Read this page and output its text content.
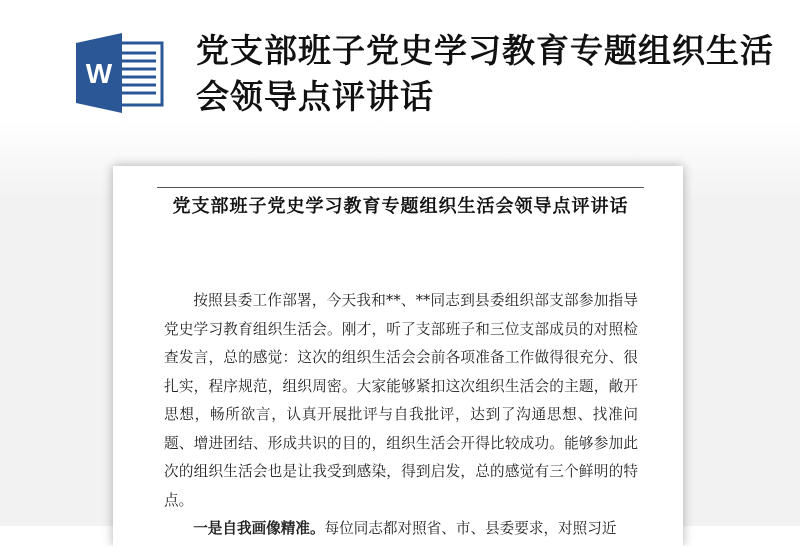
W
党支部班子党史学习教育专题组织生活会领导点评讲话
党支部班子党史学习教育专题组织生活会领导点评讲话

按照县委工作部署，今天我和**、**同志到县委组织部支部参加指导党史学习教育组织生活会。刚才，听了支部班子和三位支部成员的对照检查发言，总的感觉：这次的组织生活会会前各项准备工作做得很充分、很扎实，程序规范，组织周密。大家能够紧扣这次组织生活会的主题，敞开思想，畅所欲言，认真开展批评与自我批评，达到了沟通思想、找准问题、增进团结、形成共识的目的，组织生活会开得比较成功。能够参加此次的组织生活会也是让我受到感染，得到启发，总的感觉有三个鲜明的特点。

一是自我画像精准。每位同志都对照省、市、县委要求，对照习近
